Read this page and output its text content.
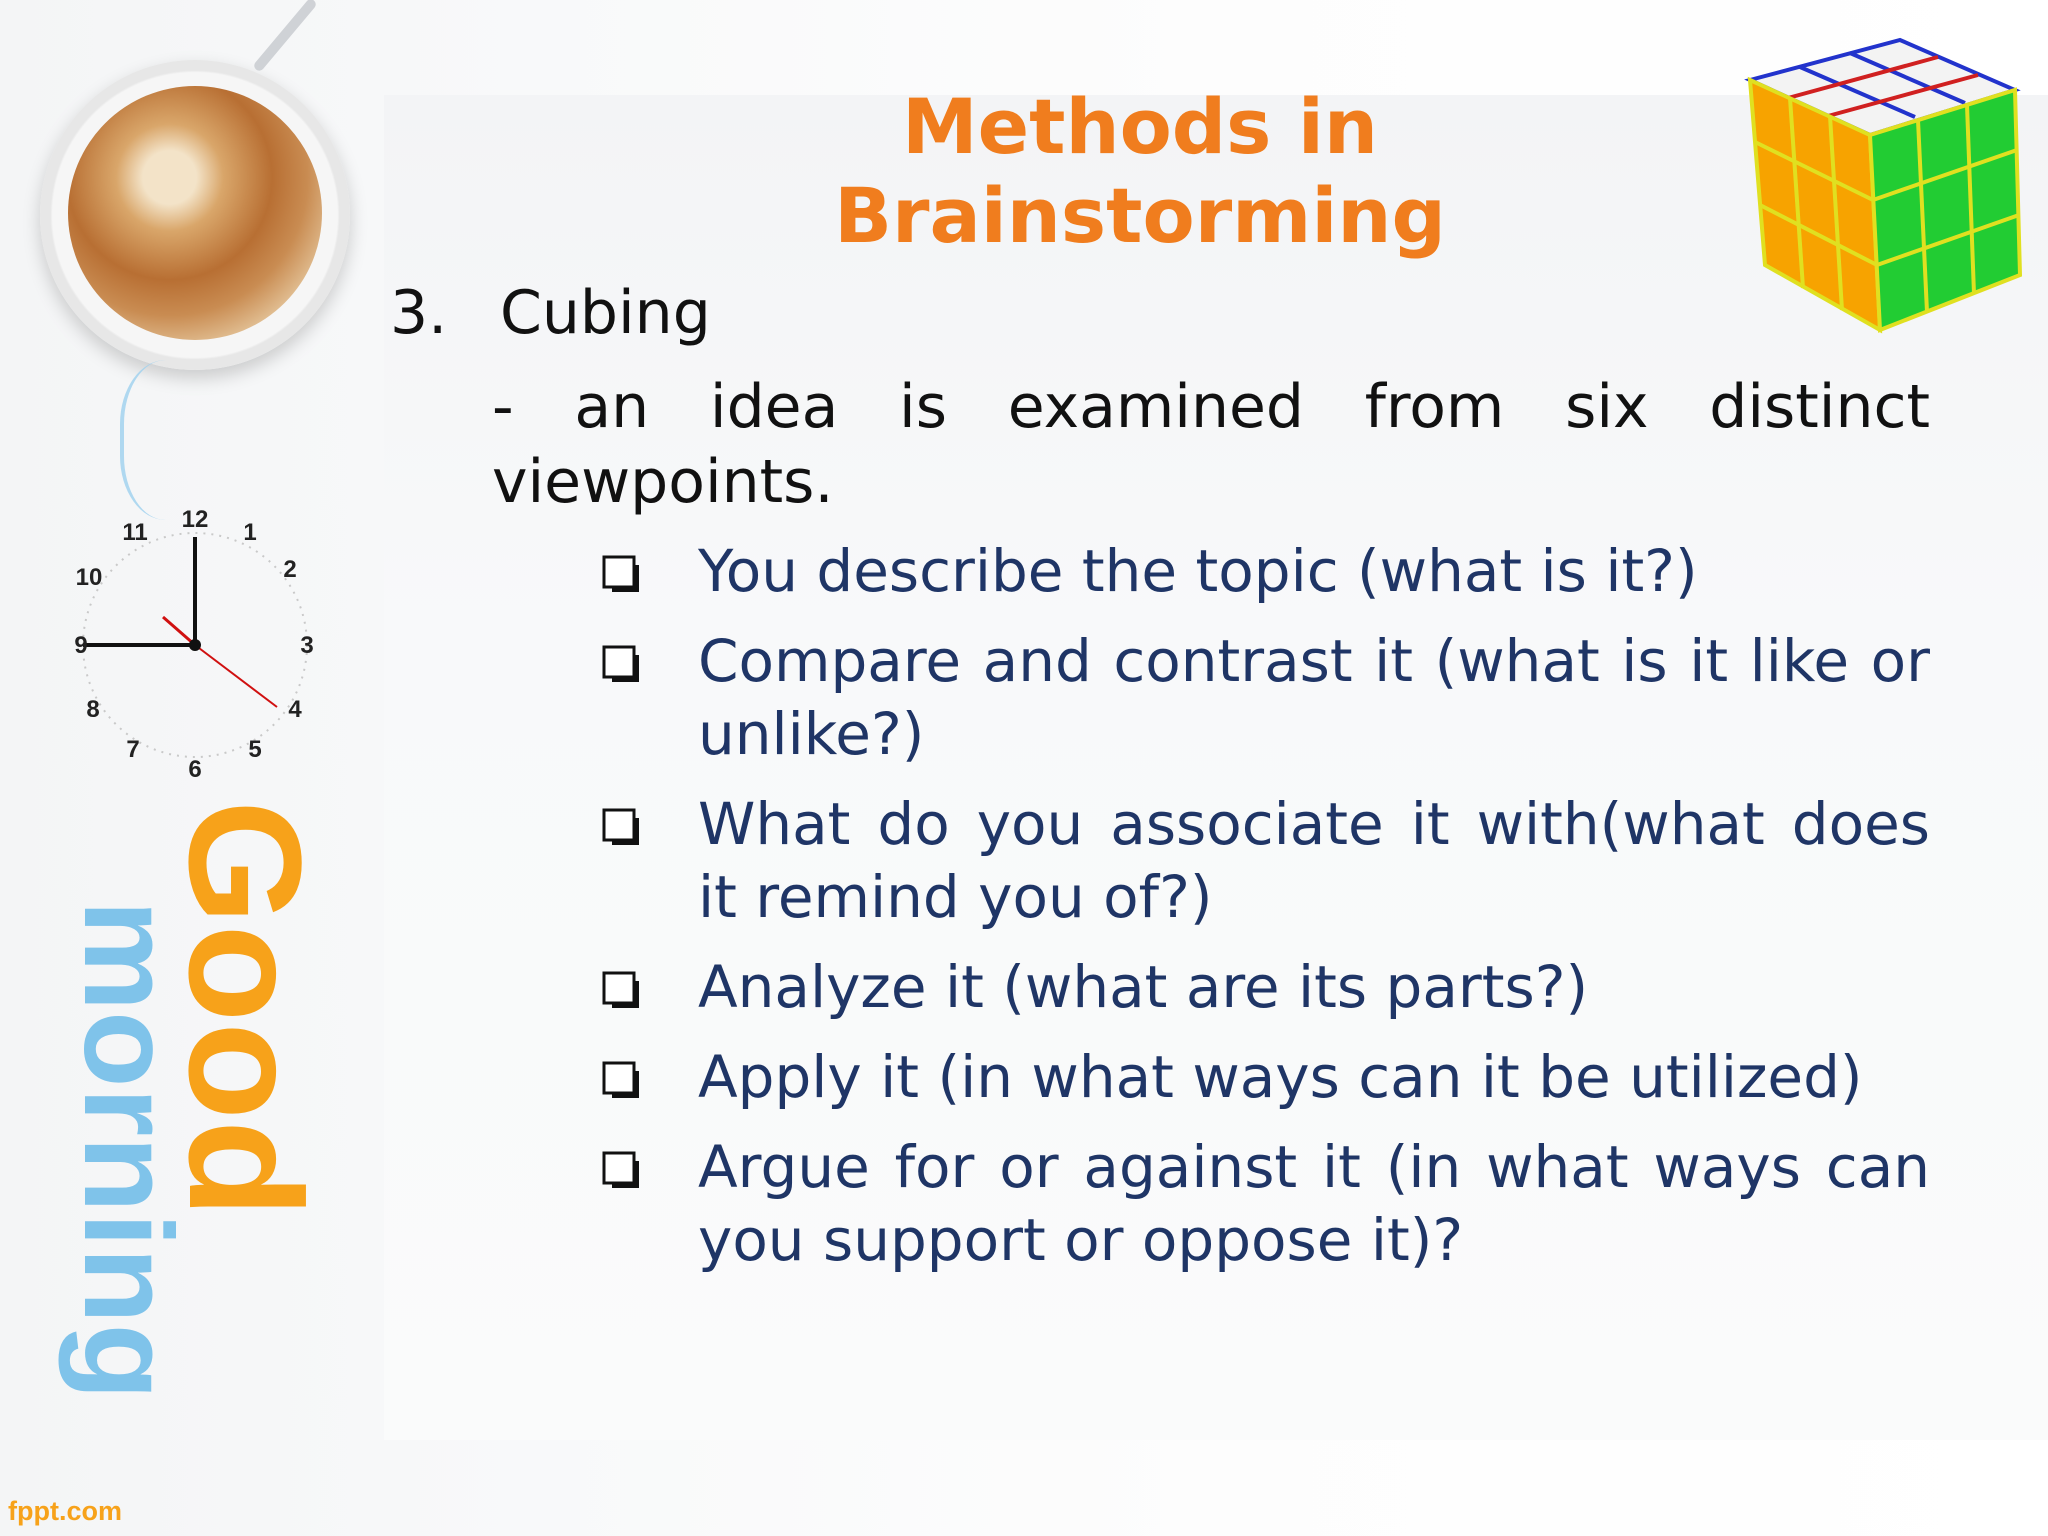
12 1
2
3
4
5
6
7
8
9
10
11
Good
morning
fppt.com
Methods in Brainstorming
3. Cubing
- an idea is examined from six distinct viewpoints.
You describe the topic (what is it?)
Compare and contrast it (what is it like or unlike?)
What do you associate it with(what does it remind you of?)
Analyze it (what are its parts?)
Apply it (in what ways can it be utilized)
Argue for or against it (in what ways can you support or oppose it)?
